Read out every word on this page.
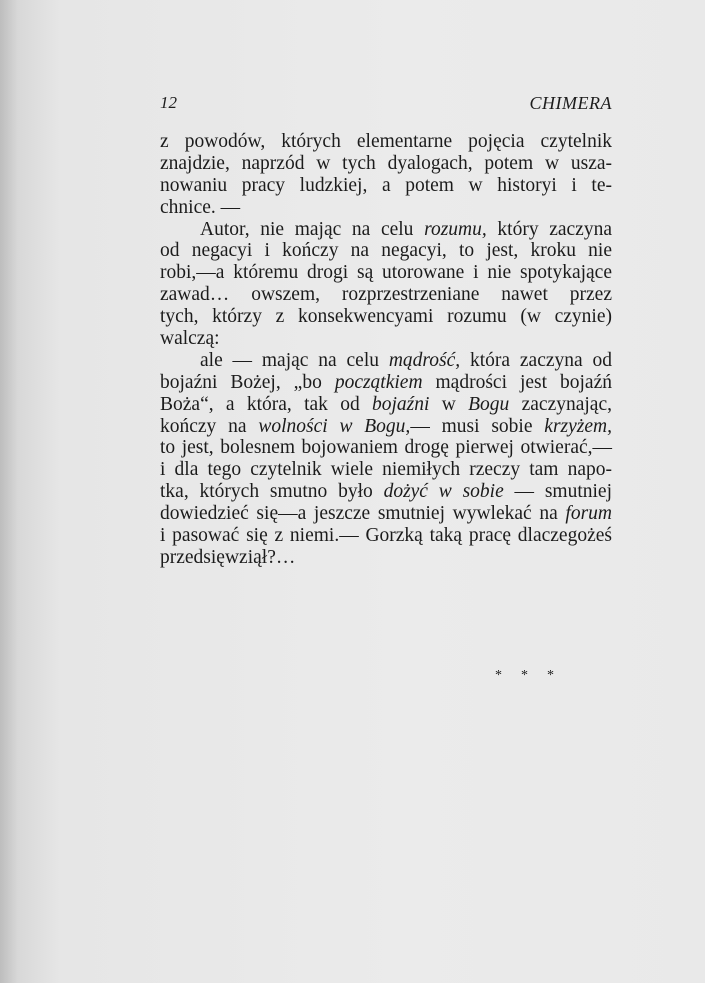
12	CHIMERA
z powodów, których elementarne pojęcia czytelnik
znajdzie, naprzód w tych dyalogach, potem w usza-
nowaniu pracy ludzkiej, a potem w historyi i te-
chnice. —
Autor, nie mając na celu rozumu, który zaczyna
od negacyi i kończy na negacyi, to jest, kroku nie
robi,—a któremu drogi są utorowane i nie spotykające
zawad… owszem, rozprzestrzeniane nawet przez
tych, którzy z konsekwencyami rozumu (w czynie)
walczą:
ale — mając na celu mądrość, która zaczyna od
bojaźni Bożej, „bo początkiem mądrości jest bojaźń
Boża“, a która, tak od bojaźni w Bogu zaczynając,
kończy na wolności w Bogu,— musi sobie krzyżem,
to jest, bolesnem bojowaniem drogę pierwej otwierać,—
i dla tego czytelnik wiele niemiłych rzeczy tam napo-
tka, których smutno było dożyć w sobie — smutniej
dowiedzieć się—a jeszcze smutniej wywlekać na forum
i pasować się z niemi.— Gorzką taką pracę dlaczegożeś
przedsięwziął?…
* * *
